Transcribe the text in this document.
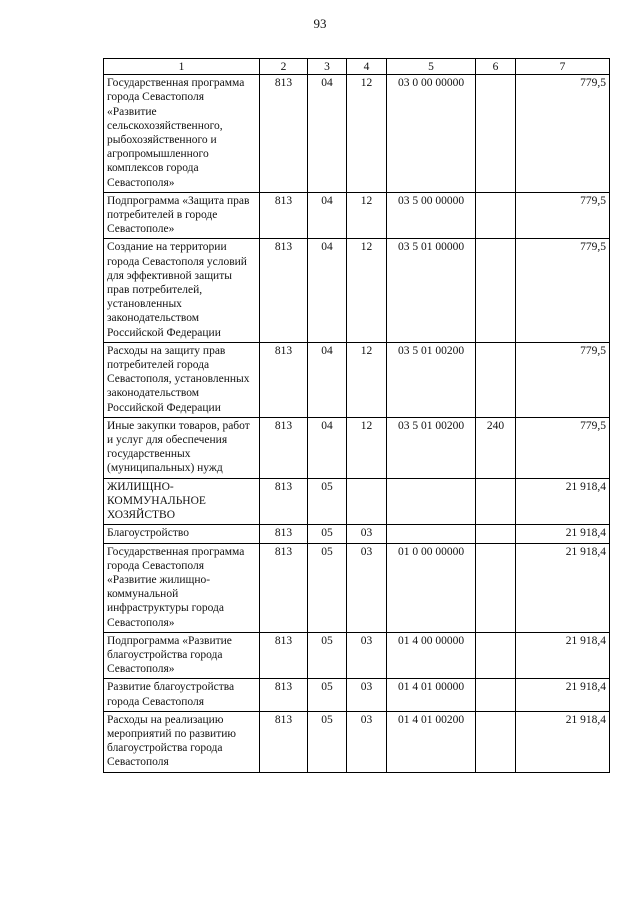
93
1	2	3	4	5	6	7
Государственная программа города Севастополя «Развитие сельскохозяйственного, рыбохозяйственного и агропромышленного комплексов города Севастополя»	813	04	12	03 0 00 00000		779,5
Подпрограмма «Защита прав потребителей в городе Севастополе»	813	04	12	03 5 00 00000		779,5
Создание на территории города Севастополя условий для эффективной защиты прав потребителей, установленных законодательством Российской Федерации	813	04	12	03 5 01 00000		779,5
Расходы на защиту прав потребителей города Севастополя, установленных законодательством Российской Федерации	813	04	12	03 5 01 00200		779,5
Иные закупки товаров, работ и услуг для обеспечения государственных (муниципальных) нужд	813	04	12	03 5 01 00200	240	779,5
ЖИЛИЩНО-КОММУНАЛЬНОЕ ХОЗЯЙСТВО	813	05				21 918,4
Благоустройство	813	05	03			21 918,4
Государственная программа города Севастополя «Развитие жилищно-коммунальной инфраструктуры города Севастополя»	813	05	03	01 0 00 00000		21 918,4
Подпрограмма «Развитие благоустройства города Севастополя»	813	05	03	01 4 00 00000		21 918,4
Развитие благоустройства города Севастополя	813	05	03	01 4 01 00000		21 918,4
Расходы на реализацию мероприятий по развитию благоустройства города Севастополя	813	05	03	01 4 01 00200		21 918,4
